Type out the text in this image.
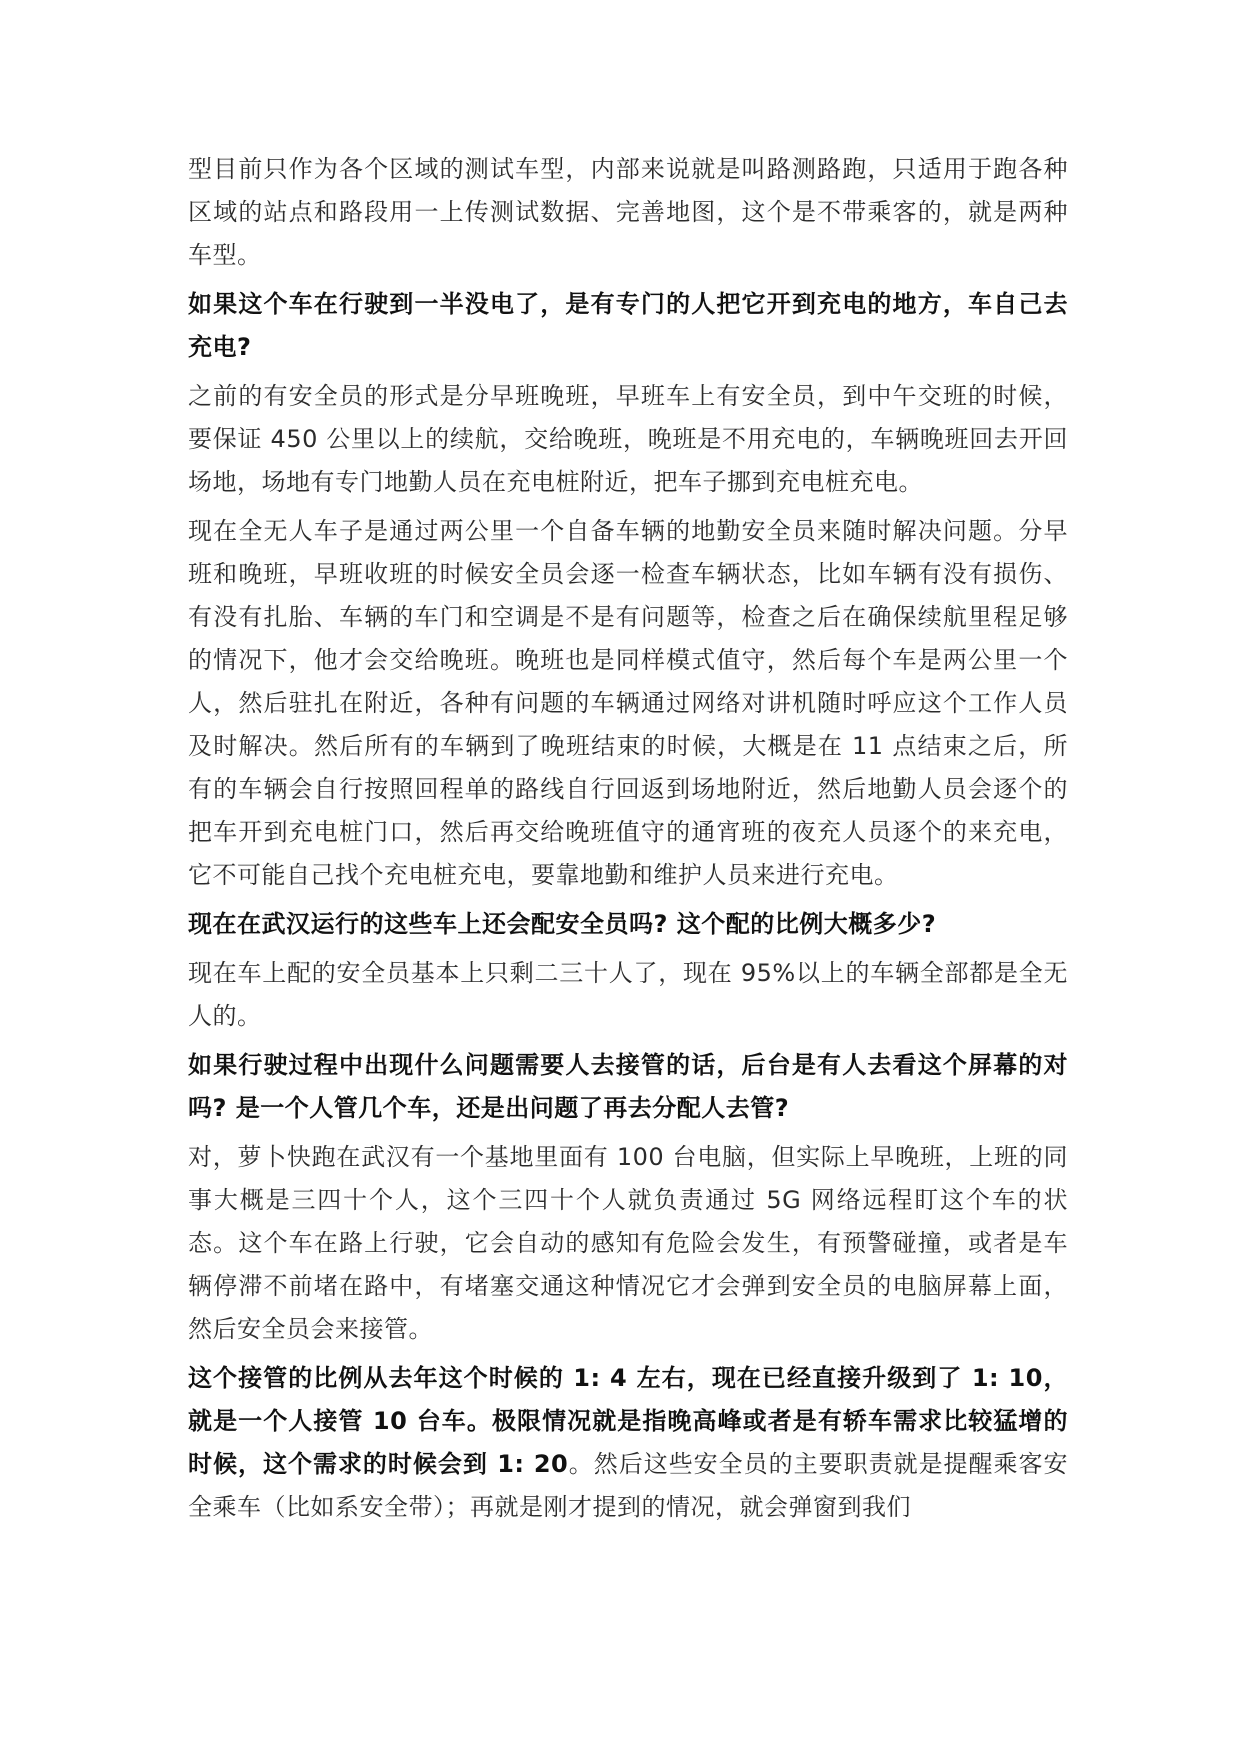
型目前只作为各个区域的测试车型，内部来说就是叫路测路跑，只适用于跑各种区域的站点和路段用一上传测试数据、完善地图，这个是不带乘客的，就是两种车型。

如果这个车在行驶到一半没电了，是有专门的人把它开到充电的地方，车自己去充电?

之前的有安全员的形式是分早班晚班，早班车上有安全员，到中午交班的时候，要保证 450 公里以上的续航，交给晚班，晚班是不用充电的，车辆晚班回去开回场地，场地有专门地勤人员在充电桩附近，把车子挪到充电桩充电。

现在全无人车子是通过两公里一个自备车辆的地勤安全员来随时解决问题。分早班和晚班，早班收班的时候安全员会逐一检查车辆状态，比如车辆有没有损伤、有没有扎胎、车辆的车门和空调是不是有问题等，检查之后在确保续航里程足够的情况下，他才会交给晚班。晚班也是同样模式值守，然后每个车是两公里一个人，然后驻扎在附近，各种有问题的车辆通过网络对讲机随时呼应这个工作人员及时解决。然后所有的车辆到了晚班结束的时候，大概是在 11 点结束之后，所有的车辆会自行按照回程单的路线自行回返到场地附近，然后地勤人员会逐个的把车开到充电桩门口，然后再交给晚班值守的通宵班的夜充人员逐个的来充电，它不可能自己找个充电桩充电，要靠地勤和维护人员来进行充电。

现在在武汉运行的这些车上还会配安全员吗? 这个配的比例大概多少?

现在车上配的安全员基本上只剩二三十人了，现在 95%以上的车辆全部都是全无人的。

如果行驶过程中出现什么问题需要人去接管的话，后台是有人去看这个屏幕的对吗? 是一个人管几个车，还是出问题了再去分配人去管?

对，萝卜快跑在武汉有一个基地里面有 100 台电脑，但实际上早晚班，上班的同事大概是三四十个人，这个三四十个人就负责通过 5G 网络远程盯这个车的状态。这个车在路上行驶，它会自动的感知有危险会发生，有预警碰撞，或者是车辆停滞不前堵在路中，有堵塞交通这种情况它才会弹到安全员的电脑屏幕上面，然后安全员会来接管。

这个接管的比例从去年这个时候的 1: 4 左右，现在已经直接升级到了 1: 10，就是一个人接管 10 台车。极限情况就是指晚高峰或者是有轿车需求比较猛增的时候，这个需求的时候会到 1: 20。然后这些安全员的主要职责就是提醒乘客安全乘车（比如系安全带）；再就是刚才提到的情况，就会弹窗到我们
